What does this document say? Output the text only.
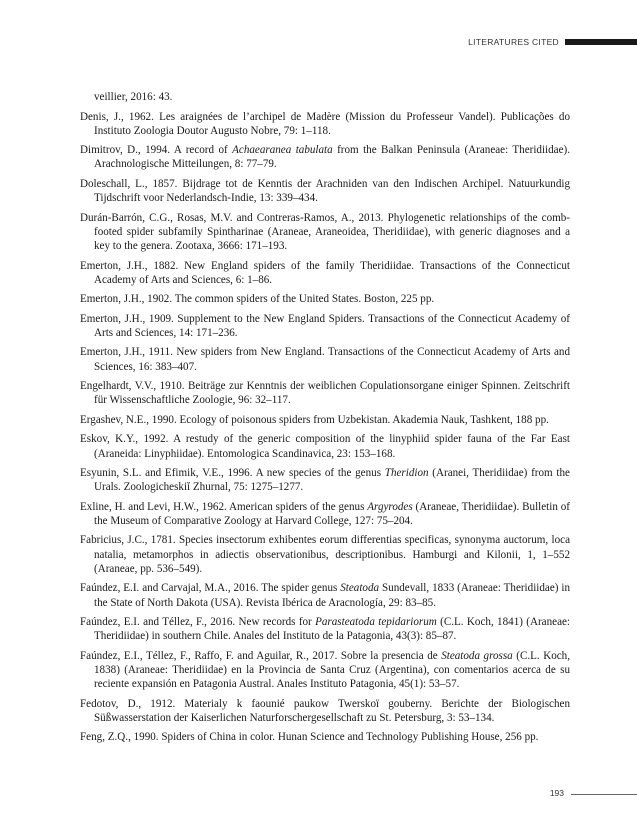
LITERATURES CITED

veillier, 2016: 43.

Denis, J., 1962. Les araignées de l’archipel de Madère (Mission du Professeur Vandel). Publicações do Instituto Zoologia Doutor Augusto Nobre, 79: 1–118.

Dimitrov, D., 1994. A record of Achaearanea tabulata from the Balkan Peninsula (Araneae: Theridiidae). Arachnologische Mitteilungen, 8: 77–79.

Doleschall, L., 1857. Bijdrage tot de Kenntis der Arachniden van den Indischen Archipel. Natuurkundig Tijdschrift voor Nederlandsch-Indie, 13: 339–434.

Durán-Barrón, C.G., Rosas, M.V. and Contreras-Ramos, A., 2013. Phylogenetic relationships of the comb-footed spider subfamily Spintharinae (Araneae, Araneoidea, Theridiidae), with generic diagnoses and a key to the genera. Zootaxa, 3666: 171–193.

Emerton, J.H., 1882. New England spiders of the family Theridiidae. Transactions of the Connecticut Academy of Arts and Sciences, 6: 1–86.

Emerton, J.H., 1902. The common spiders of the United States. Boston, 225 pp.

Emerton, J.H., 1909. Supplement to the New England Spiders. Transactions of the Connecticut Academy of Arts and Sciences, 14: 171–236.

Emerton, J.H., 1911. New spiders from New England. Transactions of the Connecticut Academy of Arts and Sciences, 16: 383–407.

Engelhardt, V.V., 1910. Beiträge zur Kenntnis der weiblichen Copulationsorgane einiger Spinnen. Zeitschrift für Wissenschaftliche Zoologie, 96: 32–117.

Ergashev, N.E., 1990. Ecology of poisonous spiders from Uzbekistan. Akademia Nauk, Tashkent, 188 pp.

Eskov, K.Y., 1992. A restudy of the generic composition of the linyphiid spider fauna of the Far East (Araneida: Linyphiidae). Entomologica Scandinavica, 23: 153–168.

Esyunin, S.L. and Efimik, V.E., 1996. A new species of the genus Theridion (Aranei, Theridiidae) from the Urals. Zoologicheskiĭ Zhurnal, 75: 1275–1277.

Exline, H. and Levi, H.W., 1962. American spiders of the genus Argyrodes (Araneae, Theridiidae). Bulletin of the Museum of Comparative Zoology at Harvard College, 127: 75–204.

Fabricius, J.C., 1781. Species insectorum exhibentes eorum differentias specificas, synonyma auctorum, loca natalia, metamorphos in adiectis observationibus, descriptionibus. Hamburgi and Kilonii, 1, 1–552 (Araneae, pp. 536–549).

Faúndez, E.I. and Carvajal, M.A., 2016. The spider genus Steatoda Sundevall, 1833 (Araneae: Theridiidae) in the State of North Dakota (USA). Revista Ibérica de Aracnología, 29: 83–85.

Faúndez, E.I. and Téllez, F., 2016. New records for Parasteatoda tepidariorum (C.L. Koch, 1841) (Araneae: Theridiidae) in southern Chile. Anales del Instituto de la Patagonia, 43(3): 85–87.

Faúndez, E.I., Téllez, F., Raffo, F. and Aguilar, R., 2017. Sobre la presencia de Steatoda grossa (C.L. Koch, 1838) (Araneae: Theridiidae) en la Provincia de Santa Cruz (Argentina), con comentarios acerca de su reciente expansión en Patagonia Austral. Anales Instituto Patagonia, 45(1): 53–57.

Fedotov, D., 1912. Materialy k faounié paukow Twerskoï gouberny. Berichte der Biologischen Süßwasserstation der Kaiserlichen Naturforschergesellschaft zu St. Petersburg, 3: 53–134.

Feng, Z.Q., 1990. Spiders of China in color. Hunan Science and Technology Publishing House, 256 pp.

193
